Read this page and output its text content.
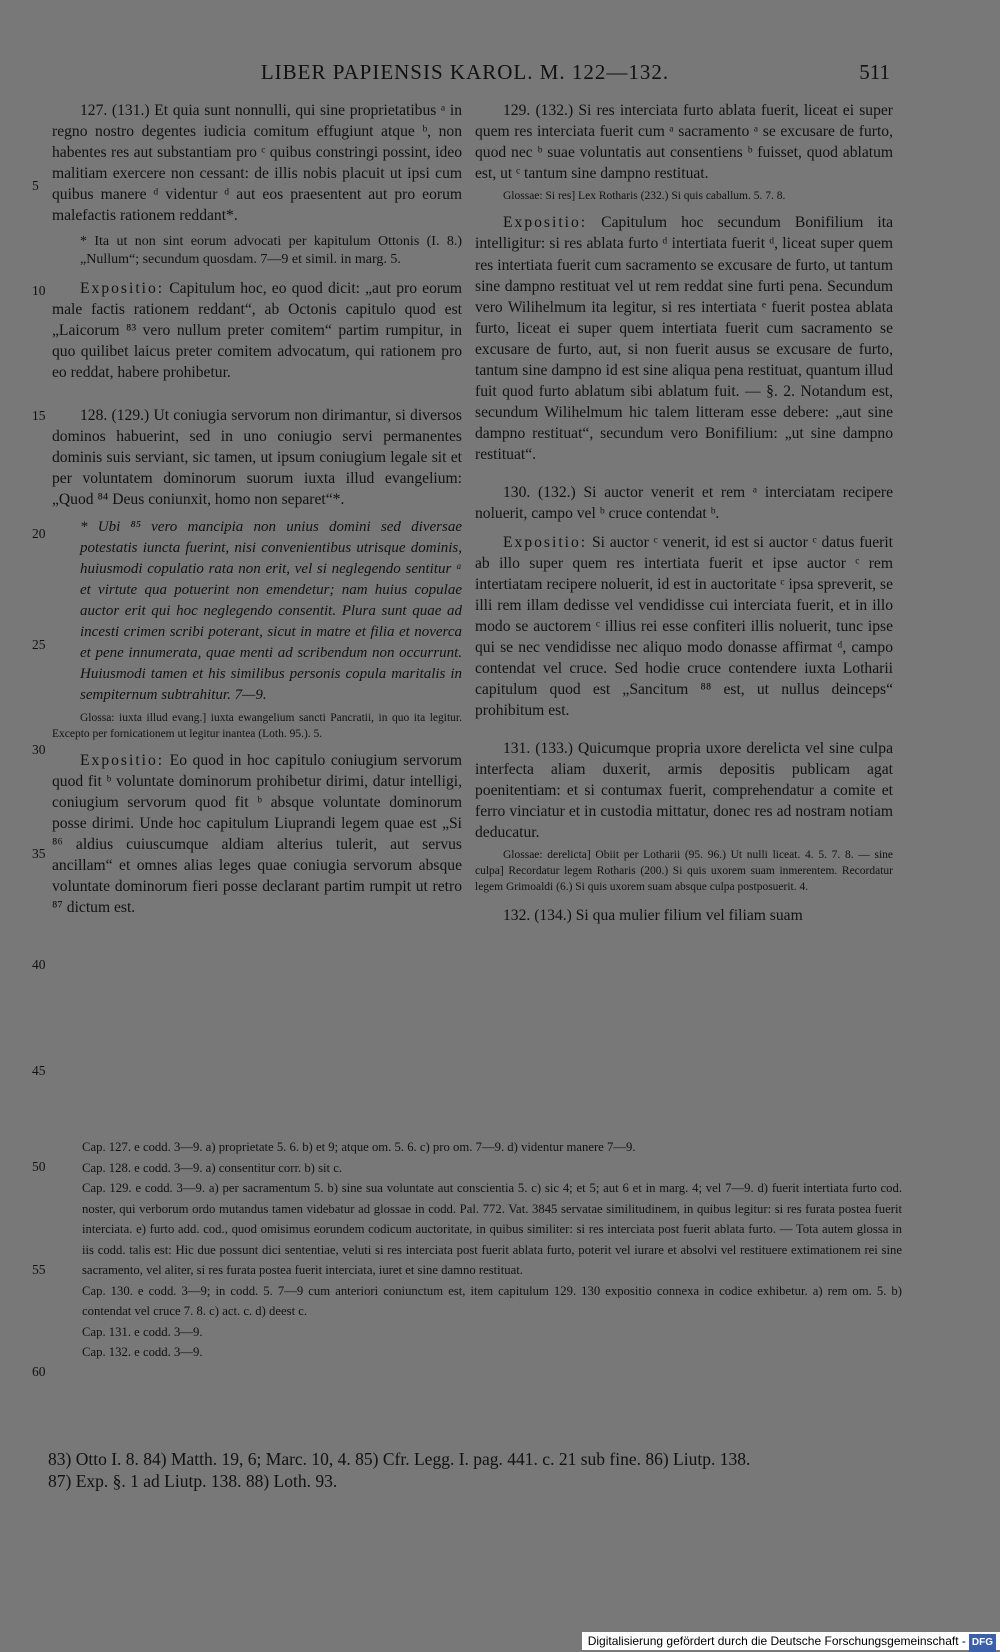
LIBER PAPIENSIS KAROL. M. 122—132.	511
5
10
15
20
25
30
35
40
45

127. (131.) Et quia sunt nonnulli, qui sine proprietatibus ᵃ in regno nostro degentes iudicia comitum effugiunt atque ᵇ, non habentes res aut substantiam pro ᶜ quibus constringi possint, ideo malitiam exercere non cessant: de illis nobis placuit ut ipsi cum quibus manere ᵈ videntur ᵈ aut eos praesentent aut pro eorum malefactis rationem reddant*.

* Ita ut non sint eorum advocati per kapitulum Ottonis (I. 8.) „Nullum“; secundum quosdam. 7—9 et simil. in marg. 5.

Expositio: Capitulum hoc, eo quod dicit: „aut pro eorum male factis rationem reddant“, ab Octonis capitulo quod est „Laicorum ⁸³ vero nullum preter comitem“ partim rumpitur, in quo quilibet laicus preter comitem advocatum, qui rationem pro eo reddat, habere prohibetur.

128. (129.) Ut coniugia servorum non dirimantur, si diversos dominos habuerint, sed in uno coniugio servi permanentes dominis suis serviant, sic tamen, ut ipsum coniugium legale sit et per voluntatem dominorum suorum iuxta illud evangelium: „Quod ⁸⁴ Deus coniunxit, homo non separet“*.

* Ubi ⁸⁵ vero mancipia non unius domini sed diversae potestatis iuncta fuerint, nisi convenientibus utrisque dominis, huiusmodi copulatio rata non erit, vel si neglegendo sentitur ᵃ et virtute qua potuerint non emendetur; nam huius copulae auctor erit qui hoc neglegendo consentit. Plura sunt quae ad incesti crimen scribi poterant, sicut in matre et filia et noverca et pene innumerata, quae menti ad scribendum non occurrunt. Huiusmodi tamen et his similibus personis copula maritalis in sempiternum subtrahitur. 7—9.

Glossa: iuxta illud evang.] iuxta ewangelium sancti Pancratii, in quo ita legitur. Excepto per fornicationem ut legitur inantea (Loth. 95.). 5.

Expositio: Eo quod in hoc capitulo coniugium servorum quod fit ᵇ voluntate dominorum prohibetur dirimi, datur intelligi, coniugium servorum quod fit ᵇ absque voluntate dominorum posse dirimi. Unde hoc capitulum Liuprandi legem quae est „Si ⁸⁶ aldius cuiuscumque aldiam alterius tulerit, aut servus ancillam“ et omnes alias leges quae coniugia servorum absque voluntate dominorum fieri posse declarant partim rumpit ut retro ⁸⁷ dictum est.

129. (132.) Si res interciata furto ablata fuerit, liceat ei super quem res interciata fuerit cum ᵃ sacramento ᵃ se excusare de furto, quod nec ᵇ suae voluntatis aut consentiens ᵇ fuisset, quod ablatum est, ut ᶜ tantum sine dampno restituat.

Glossae: Si res] Lex Rotharis (232.) Si quis caballum. 5. 7. 8.

Expositio: Capitulum hoc secundum Bonifilium ita intelligitur: si res ablata furto ᵈ intertiata fuerit ᵈ, liceat super quem res intertiata fuerit cum sacramento se excusare de furto, ut tantum sine dampno restituat vel ut rem reddat sine furti pena. Secundum vero Wilihelmum ita legitur, si res intertiata ᵉ fuerit postea ablata furto, liceat ei super quem intertiata fuerit cum sacramento se excusare de furto, aut, si non fuerit ausus se excusare de furto, tantum sine dampno id est sine aliqua pena restituat, quantum illud fuit quod furto ablatum sibi ablatum fuit. — §. 2. Notandum est, secundum Wilihelmum hic talem litteram esse debere: „aut sine dampno restituat“, secundum vero Bonifilium: „ut sine dampno restituat“.

130. (132.) Si auctor venerit et rem ᵃ interciatam recipere noluerit, campo vel ᵇ cruce contendat ᵇ.

Expositio: Si auctor ᶜ venerit, id est si auctor ᶜ datus fuerit ab illo super quem res intertiata fuerit et ipse auctor ᶜ rem intertiatam recipere noluerit, id est in auctoritate ᶜ ipsa spreverit, se illi rem illam dedisse vel vendidisse cui interciata fuerit, et in illo modo se auctorem ᶜ illius rei esse confiteri illis noluerit, tunc ipse qui se nec vendidisse nec aliquo modo donasse affirmat ᵈ, campo contendat vel cruce. Sed hodie cruce contendere iuxta Lotharii capitulum quod est „Sancitum ⁸⁸ est, ut nullus deinceps“ prohibitum est.

131. (133.) Quicumque propria uxore derelicta vel sine culpa interfecta aliam duxerit, armis depositis publicam agat poenitentiam: et si contumax fuerit, comprehendatur a comite et ferro vinciatur et in custodia mittatur, donec res ad nostram notiam deducatur.

Glossae: derelicta] Obiit per Lotharii (95. 96.) Ut nulli liceat. 4. 5. 7. 8. — sine culpa] Recordatur legem Rotharis (200.) Si quis uxorem suam inmerentem. Recordatur legem Grimoaldi (6.) Si quis uxorem suam absque culpa postposuerit. 4.

132. (134.) Si qua mulier filium vel filiam suam

50
55
60

Cap. 127. e codd. 3—9. a) proprietate 5. 6. b) et 9; atque om. 5. 6. c) pro om. 7—9. d) videntur manere 7—9.

Cap. 128. e codd. 3—9. a) consentitur corr. b) sit c.

Cap. 129. e codd. 3—9. a) per sacramentum 5. b) sine sua voluntate aut conscientia 5. c) sic 4; et 5; aut 6 et in marg. 4; vel 7—9. d) fuerit intertiata furto cod. noster, qui verborum ordo mutandus tamen videbatur ad glossae in codd. Pal. 772. Vat. 3845 servatae similitudinem, in quibus legitur: si res furata postea fuerit interciata. e) furto add. cod., quod omisimus eorundem codicum auctoritate, in quibus similiter: si res interciata post fuerit ablata furto. — Tota autem glossa in iis codd. talis est: Hic due possunt dici sententiae, veluti si res interciata post fuerit ablata furto, poterit vel iurare et absolvi vel restituere extimationem rei sine sacramento, vel aliter, si res furata postea fuerit interciata, iuret et sine damno restituat.

Cap. 130. e codd. 3—9; in codd. 5. 7—9 cum anteriori coniunctum est, item capitulum 129. 130 expositio connexa in codice exhibetur. a) rem om. 5. b) contendat vel cruce 7. 8. c) act. c. d) deest c.

Cap. 131. e codd. 3—9.

Cap. 132. e codd. 3—9.

83) Otto I. 8. 84) Matth. 19, 6; Marc. 10, 4. 85) Cfr. Legg. I. pag. 441. c. 21 sub fine. 86) Liutp. 138.

87) Exp. §. 1 ad Liutp. 138. 88) Loth. 93.

Digitalisierung gefördert durch die Deutsche Forschungsgemeinschaft - DFG
